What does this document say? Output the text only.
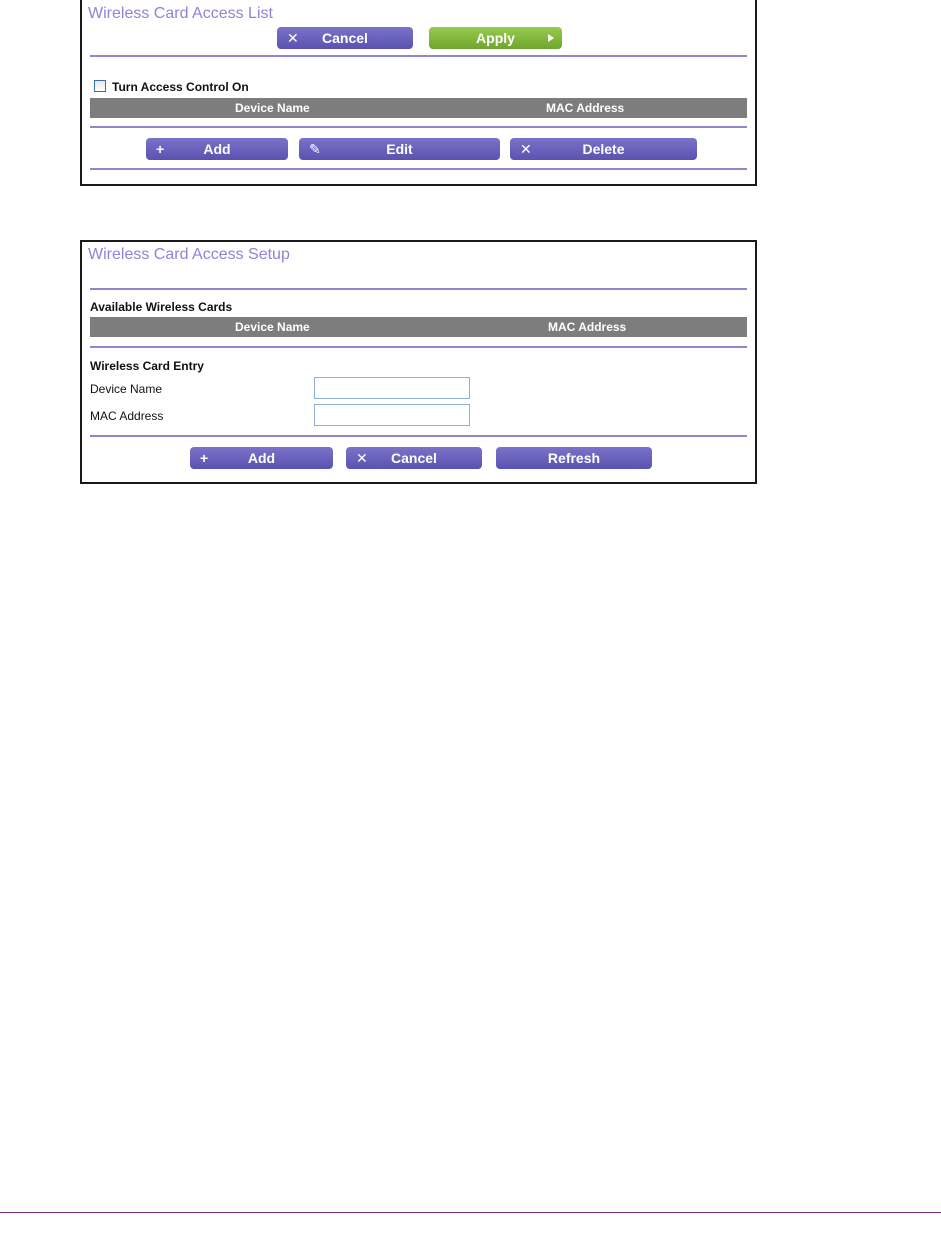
Wireless Card Access List
✕	Cancel	Apply
Turn Access Control On
Device Name	MAC Address
+	Add	✎	Edit	✕	Delete
Wireless Card Access Setup
Available Wireless Cards
Device Name	MAC Address
Wireless Card Entry
Device Name
MAC Address
+	Add	✕	Cancel	Refresh
